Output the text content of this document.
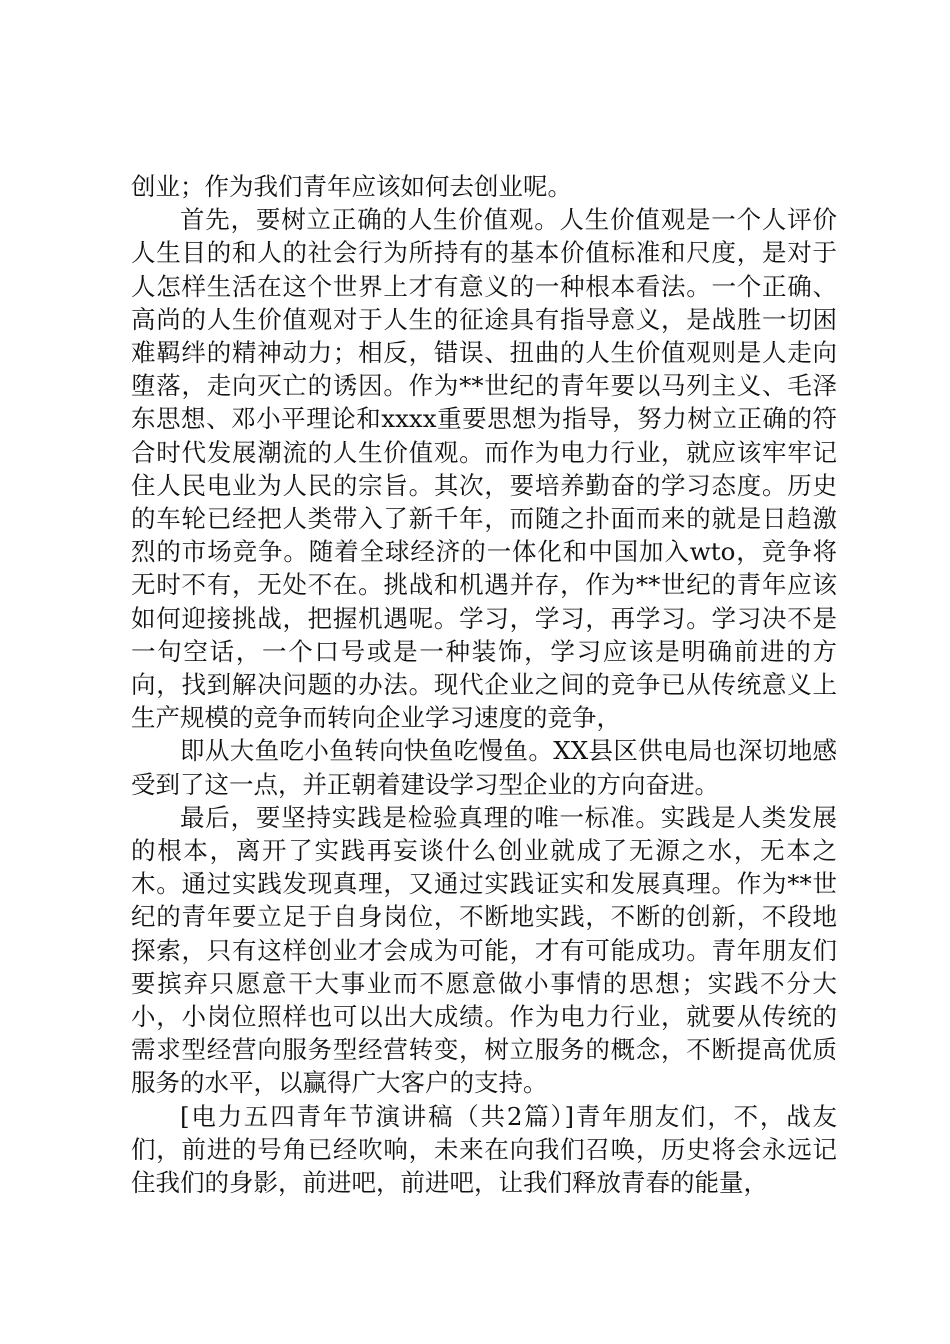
创业；作为我们青年应该如何去创业呢。

首先，要树立正确的人生价值观。人生价值观是一个人评价人生目的和人的社会行为所持有的基本价值标准和尺度，是对于人怎样生活在这个世界上才有意义的一种根本看法。一个正确、高尚的人生价值观对于人生的征途具有指导意义，是战胜一切困难羁绊的精神动力；相反，错误、扭曲的人生价值观则是人走向堕落，走向灭亡的诱因。作为**世纪的青年要以马列主义、毛泽东思想、邓小平理论和xxxx重要思想为指导，努力树立正确的符合时代发展潮流的人生价值观。而作为电力行业，就应该牢牢记住人民电业为人民的宗旨。其次，要培养勤奋的学习态度。历史的车轮已经把人类带入了新千年，而随之扑面而来的就是日趋激烈的市场竞争。随着全球经济的一体化和中国加入wto，竞争将无时不有，无处不在。挑战和机遇并存，作为**世纪的青年应该如何迎接挑战，把握机遇呢。学习，学习，再学习。学习决不是一句空话，一个口号或是一种装饰，学习应该是明确前进的方向，找到解决问题的办法。现代企业之间的竞争已从传统意义上生产规模的竞争而转向企业学习速度的竞争，

即从大鱼吃小鱼转向快鱼吃慢鱼。XX县区供电局也深切地感受到了这一点，并正朝着建设学习型企业的方向奋进。

最后，要坚持实践是检验真理的唯一标准。实践是人类发展的根本，离开了实践再妄谈什么创业就成了无源之水，无本之木。通过实践发现真理，又通过实践证实和发展真理。作为**世纪的青年要立足于自身岗位，不断地实践，不断的创新，不段地探索，只有这样创业才会成为可能，才有可能成功。青年朋友们要摈弃只愿意干大事业而不愿意做小事情的思想；实践不分大小，小岗位照样也可以出大成绩。作为电力行业，就要从传统的需求型经营向服务型经营转变，树立服务的概念，不断提高优质服务的水平，以赢得广大客户的支持。

[电力五四青年节演讲稿（共2篇）]青年朋友们，不，战友们，前进的号角已经吹响，未来在向我们召唤，历史将会永远记住我们的身影，前进吧，前进吧，让我们释放青春的能量，
